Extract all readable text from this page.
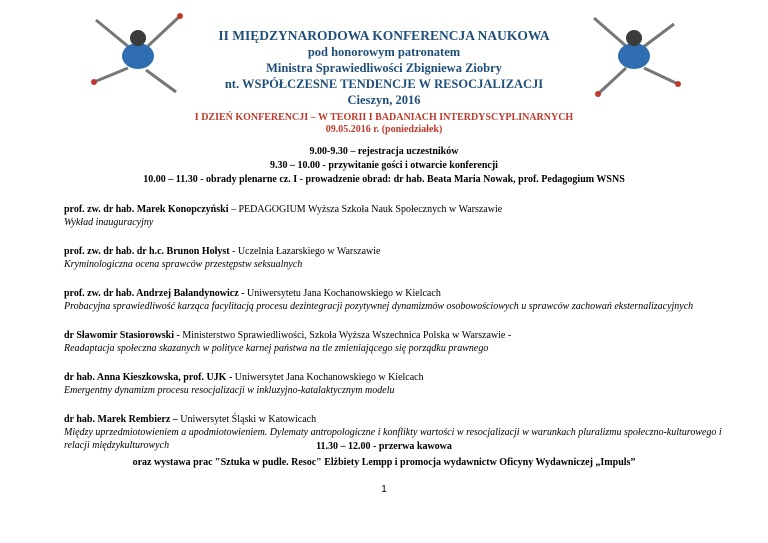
II MIĘDZYNARODOWA KONFERENCJA NAUKOWA
pod honorowym patronatem
Ministra Sprawiedliwości Zbigniewa Ziobry
nt. WSPÓŁCZESNE TENDENCJE W RESOCJALIZACJI
Cieszyn, 2016
I DZIEŃ KONFERENCJI – W TEORII I BADANIACH INTERDYSCYPLINARNYCH
09.05.2016 r. (poniedziałek)
9.00-9.30 – rejestracja uczestników
9.30 – 10.00 - przywitanie gości i otwarcie konferencji
10.00 – 11.30 - obrady plenarne cz. I - prowadzenie obrad: dr hab. Beata Maria Nowak, prof. Pedagogium WSNS
prof. zw. dr hab. Marek Konopczyński – PEDAGOGIUM Wyższa Szkoła Nauk Społecznych w Warszawie
Wykład inauguracyjny
prof. zw. dr hab. dr h.c. Brunon Hołyst - Uczelnia Łazarskiego w Warszawie
Kryminologiczna ocena sprawców przestępstw seksualnych
prof. zw. dr hab. Andrzej Bałandynowicz - Uniwersytetu Jana Kochanowskiego w Kielcach
Probacyjna sprawiedliwość karząca facylitacją procesu dezintegracji pozytywnej dynamizmów osobowościowych u sprawców zachowań eksternalizacyjnych
dr Sławomir Stasiorowski - Ministerstwo Sprawiedliwości, Szkoła Wyższa Wszechnica Polska w Warszawie -
Readaptacja społeczna skazanych w polityce karnej państwa na tle zmieniającego się porządku prawnego
dr hab. Anna Kieszkowska, prof. UJK - Uniwersytet Jana Kochanowskiego w Kielcach
Emergentny dynamizm procesu resocjalizacji w inkluzyjno-katalaktycznym modelu
dr hab. Marek Rembierz – Uniwersytet Śląski w Katowicach
Między uprzedmiotowieniem a upodmiotowieniem. Dylematy antropologiczne i konflikty wartości w resocjalizacji w warunkach pluralizmu społeczno-kulturowego i relacji międzykulturowych	11.30 – 12.00 - przerwa kawowa
oraz wystawa prac "Sztuka w pudle. Resoc" Elżbiety Lempp i promocja wydawnictw Oficyny Wydawniczej „Impuls”
1
